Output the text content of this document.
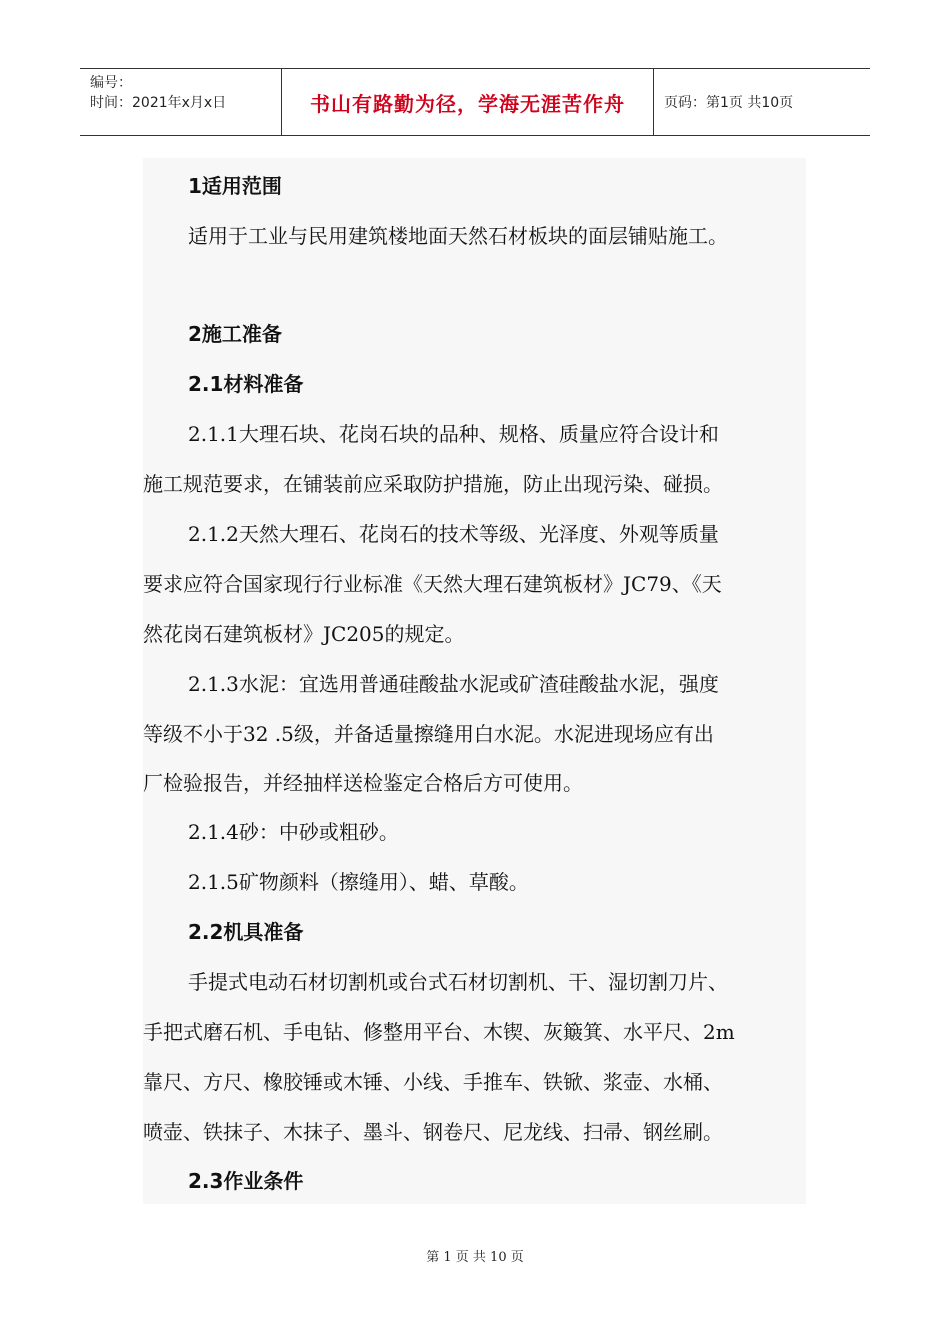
编号：
时间：2021年x月x日	书山有路勤为径，学海无涯苦作舟	页码：第1页 共10页
1适用范围
适用于工业与民用建筑楼地面天然石材板块的面层铺贴施工。
2施工准备
2.1材料准备
2.1.1大理石块、花岗石块的品种、规格、质量应符合设计和
施工规范要求，在铺装前应采取防护措施，防止出现污染、碰损。
2.1.2天然大理石、花岗石的技术等级、光泽度、外观等质量
要求应符合国家现行行业标准《天然大理石建筑板材》JC79、《天
然花岗石建筑板材》JC205的规定。
2.1.3水泥：宜选用普通硅酸盐水泥或矿渣硅酸盐水泥，强度
等级不小于32 .5级，并备适量擦缝用白水泥。水泥进现场应有出
厂检验报告，并经抽样送检鉴定合格后方可使用。
2.1.4砂：中砂或粗砂。
2.1.5矿物颜料（擦缝用）、蜡、草酸。
2.2机具准备
手提式电动石材切割机或台式石材切割机、干、湿切割刀片、
手把式磨石机、手电钻、修整用平台、木锲、灰簸箕、水平尺、2m
靠尺、方尺、橡胶锤或木锤、小线、手推车、铁锨、浆壶、水桶、
喷壶、铁抹子、木抹子、墨斗、钢卷尺、尼龙线、扫帚、钢丝刷。
2.3作业条件
第 1 页 共 10 页
